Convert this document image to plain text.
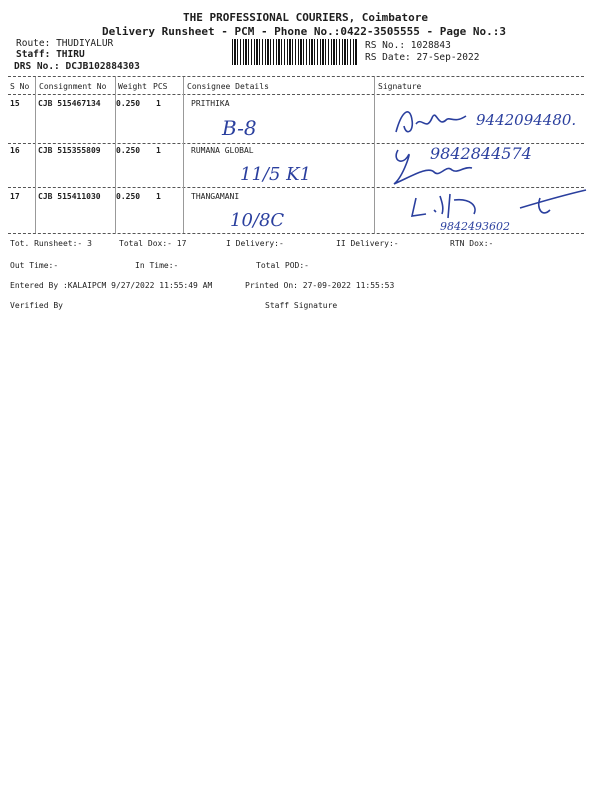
THE PROFESSIONAL COURIERS, Coimbatore
Delivery Runsheet - PCM - Phone No.:0422-3505555 - Page No.:3
Route: THUDIYALUR
Staff: THIRU
DRS No.: DCJB102884303
RS No.: 1028843
RS Date: 27-Sep-2022
S No Consignment No Weight PCS Consignee Details	Signature
15 CJB 515467134 0.250 1	PRITHIKA
B-8	9442094480.
16 CJB 515355809 0.250 1	RUMANA GLOBAL
11/5 K1
9842844574
17 CJB 515411030 0.250 1	THANGAMANI
10/8C	9842493602
Tot. Runsheet:- 3	Total Dox:- 17	I Delivery:-	II Delivery:-	RTN Dox:-
Out Time:-	In Time:-	Total POD:-
Entered By :KALAIPCM 9/27/2022 11:55:49 AM	Printed On: 27-09-2022 11:55:53
Verified By	Staff Signature
